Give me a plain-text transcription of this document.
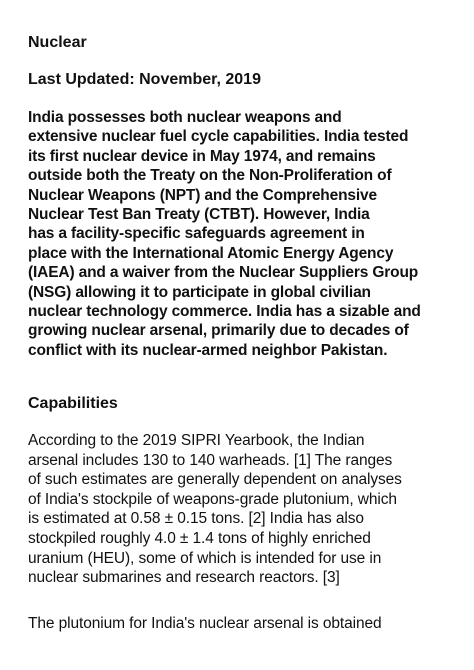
Nuclear
Last Updated: November, 2019
India possesses both nuclear weapons and
extensive nuclear fuel cycle capabilities. India tested
its first nuclear device in May 1974, and remains
outside both the Treaty on the Non-Proliferation of
Nuclear Weapons (NPT) and the Comprehensive
Nuclear Test Ban Treaty (CTBT). However, India
has a facility-specific safeguards agreement in
place with the International Atomic Energy Agency
(IAEA) and a waiver from the Nuclear Suppliers Group
(NSG) allowing it to participate in global civilian
nuclear technology commerce. India has a sizable and
growing nuclear arsenal, primarily due to decades of
conflict with its nuclear-armed neighbor Pakistan.
Capabilities
According to the 2019 SIPRI Yearbook, the Indian
arsenal includes 130 to 140 warheads. [1] The ranges
of such estimates are generally dependent on analyses
of India's stockpile of weapons-grade plutonium, which
is estimated at 0.58 ± 0.15 tons. [2] India has also
stockpiled roughly 4.0 ± 1.4 tons of highly enriched
uranium (HEU), some of which is intended for use in
nuclear submarines and research reactors. [3]
The plutonium for India's nuclear arsenal is obtained
